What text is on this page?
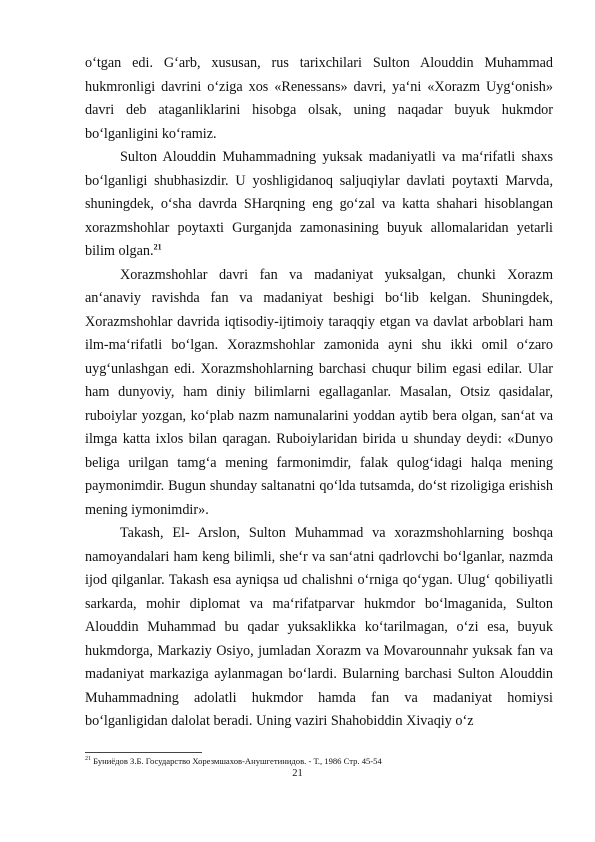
o‘tgan edi. G‘arb, xususan, rus tarixchilari Sulton Alouddin Muhammad hukmronligi davrini o‘ziga xos «Renessans» davri, ya‘ni «Xorazm Uyg‘onish» davri deb ataganliklarini hisobga olsak, uning naqadar buyuk hukmdor bo‘lganligini ko‘ramiz.

Sulton Alouddin Muhammadning yuksak madaniyatli va ma‘rifatli shaxs bo‘lganligi shubhasizdir. U yoshligidanoq saljuqiylar davlati poytaxti Marvda, shuningdek, o‘sha davrda SHarqning eng go‘zal va katta shahari hisoblangan xorazmshohlar poytaxti Gurganjda zamonasining buyuk allomalaridan yetarli bilim olgan.$^{21}$

Xorazmshohlar davri fan va madaniyat yuksalgan, chunki Xorazm an‘anaviy ravishda fan va madaniyat beshigi bo‘lib kelgan. Shuningdek, Xorazmshohlar davrida iqtisodiy-ijtimoiy taraqqiy etgan va davlat arboblari ham ilm-ma‘rifatli bo‘lgan. Xorazmshohlar zamonida ayni shu ikki omil o‘zaro uyg‘unlashgan edi. Xorazmshohlarning barchasi chuqur bilim egasi edilar. Ular ham dunyoviy, ham diniy bilimlarni egallaganlar. Masalan, Otsiz qasidalar, ruboiylar yozgan, ko‘plab nazm namunalarini yoddan aytib bera olgan, san‘at va ilmga katta ixlos bilan qaragan. Ruboiylaridan birida u shunday deydi: «Dunyo beliga urilgan tamg‘a mening farmonimdir, falak qulog‘idagi halqa mening paymonimdir. Bugun shunday saltanatni qo‘lda tutsamda, do‘st rizoligiga erishish mening iymonimdir».

Takash, El- Arslon, Sulton Muhammad va xorazmshohlarning boshqa namoyandalari ham keng bilimli, she‘r va san‘atni qadrlovchi bo‘lganlar, nazmda ijod qilganlar. Takash esa ayniqsa ud chalishni o‘rniga qo‘ygan. Ulug‘ qobiliyatli sarkarda, mohir diplomat va ma‘rifatparvar hukmdor bo‘lmaganida, Sulton Alouddin Muhammad bu qadar yuksaklikka ko‘tarilmagan, o‘zi esa, buyuk hukmdorga, Markaziy Osiyo, jumladan Xorazm va Movarounnahr yuksak fan va madaniyat markaziga aylanmagan bo‘lardi. Bularning barchasi Sulton Alouddin Muhammadning adolatli hukmdor hamda fan va madaniyat homiysi bo‘lganligidan dalolat beradi. Uning vaziri Shahobiddin Xivaqiy o‘z

$^{21}$ Буниёдов З.Б. Государство Хорезмшахов-Анушгетинидов. - Т., 1986 Стр. 45-54
21
